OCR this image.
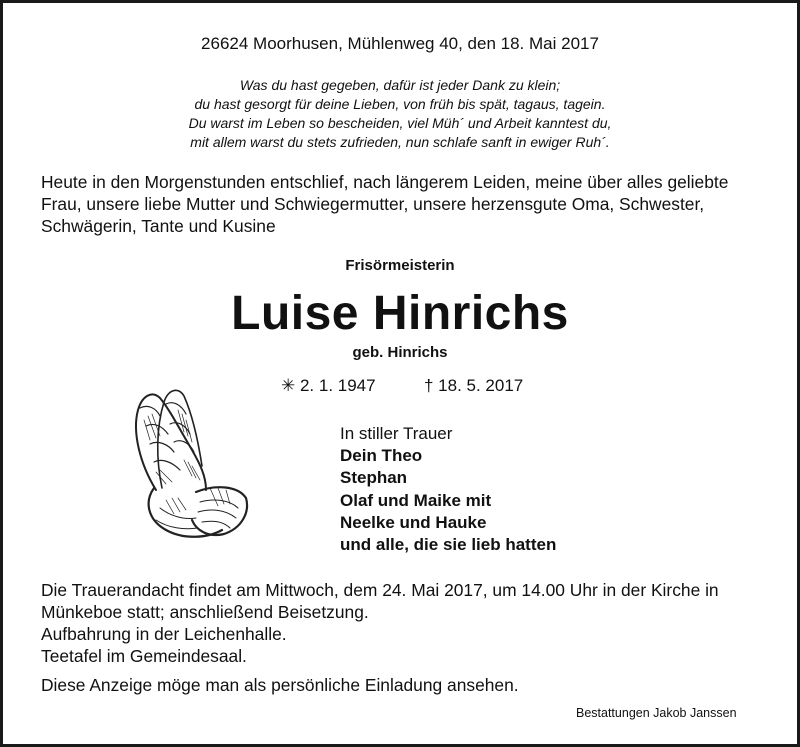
26624 Moorhusen, Mühlenweg 40, den 18. Mai 2017
Was du hast gegeben, dafür ist jeder Dank zu klein;
du hast gesorgt für deine Lieben, von früh bis spät, tagaus, tagein.
Du warst im Leben so bescheiden, viel Müh´ und Arbeit kanntest du,
mit allem warst du stets zufrieden, nun schlafe sanft in ewiger Ruh´.
Heute in den Morgenstunden entschlief, nach längerem Leiden, meine über alles geliebte
Frau, unsere liebe Mutter und Schwiegermutter, unsere herzensgute Oma, Schwester,
Schwägerin, Tante und Kusine
Frisörmeisterin
Luise Hinrichs
geb. Hinrichs
✳ 2. 1. 1947	† 18. 5. 2017
In stiller Trauer
Dein Theo
Stephan
Olaf und Maike mit
Neelke und Hauke
und alle, die sie lieb hatten
Die Trauerandacht findet am Mittwoch, dem 24. Mai 2017, um 14.00 Uhr in der Kirche in
Münkeboe statt; anschließend Beisetzung.
Aufbahrung in der Leichenhalle.
Teetafel im Gemeindesaal.
Diese Anzeige möge man als persönliche Einladung ansehen.
Bestattungen Jakob Janssen
